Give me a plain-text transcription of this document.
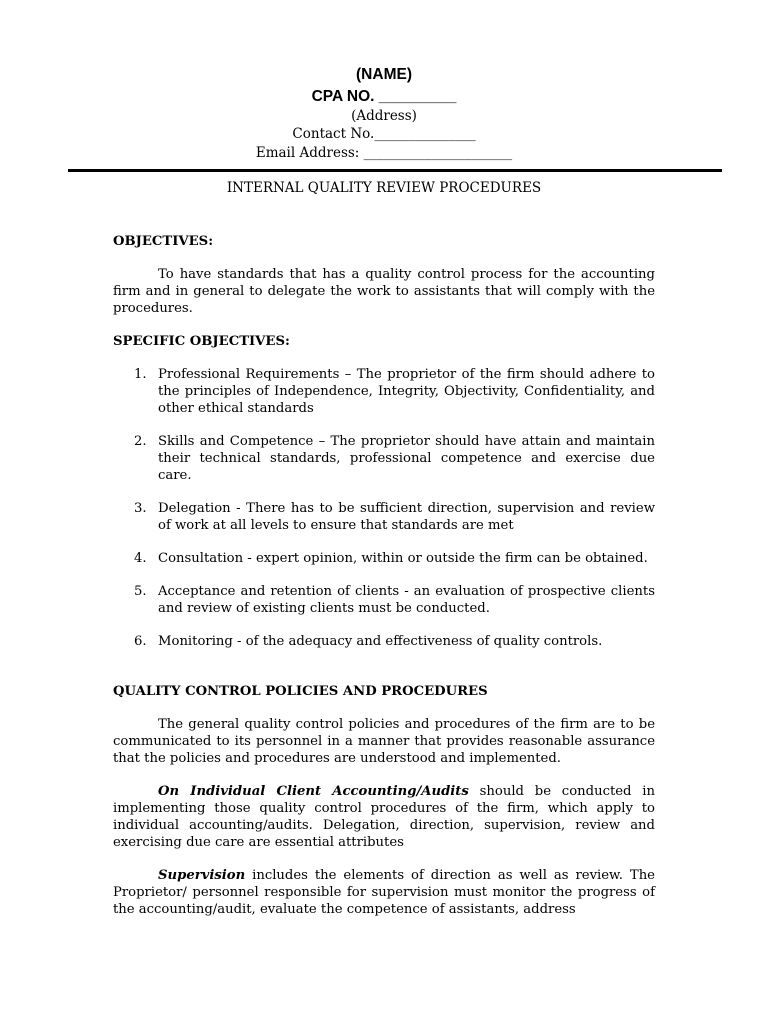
(NAME)
CPA NO. _________
(Address)
Contact No._______________
Email Address: ______________________
INTERNAL QUALITY REVIEW PROCEDURES
OBJECTIVES:

To have standards that has a quality control process for the accounting firm and in general to delegate the work to assistants that will comply with the procedures.

SPECIFIC OBJECTIVES:
1. Professional Requirements – The proprietor of the firm should adhere to the principles of Independence, Integrity, Objectivity, Confidentiality, and other ethical standards
2. Skills and Competence – The proprietor should have attain and maintain their technical standards, professional competence and exercise due care.
3. Delegation - There has to be sufficient direction, supervision and review of work at all levels to ensure that standards are met
4. Consultation - expert opinion, within or outside the firm can be obtained.
5. Acceptance and retention of clients - an evaluation of prospective clients and review of existing clients must be conducted.
6. Monitoring - of the adequacy and effectiveness of quality controls.
QUALITY CONTROL POLICIES AND PROCEDURES

The general quality control policies and procedures of the firm are to be communicated to its personnel in a manner that provides reasonable assurance that the policies and procedures are understood and implemented.

On Individual Client Accounting/Audits should be conducted in implementing those quality control procedures of the firm, which apply to individual accounting/audits. Delegation, direction, supervision, review and exercising due care are essential attributes

Supervision includes the elements of direction as well as review. The Proprietor/ personnel responsible for supervision must monitor the progress of the accounting/audit, evaluate the competence of assistants, address
